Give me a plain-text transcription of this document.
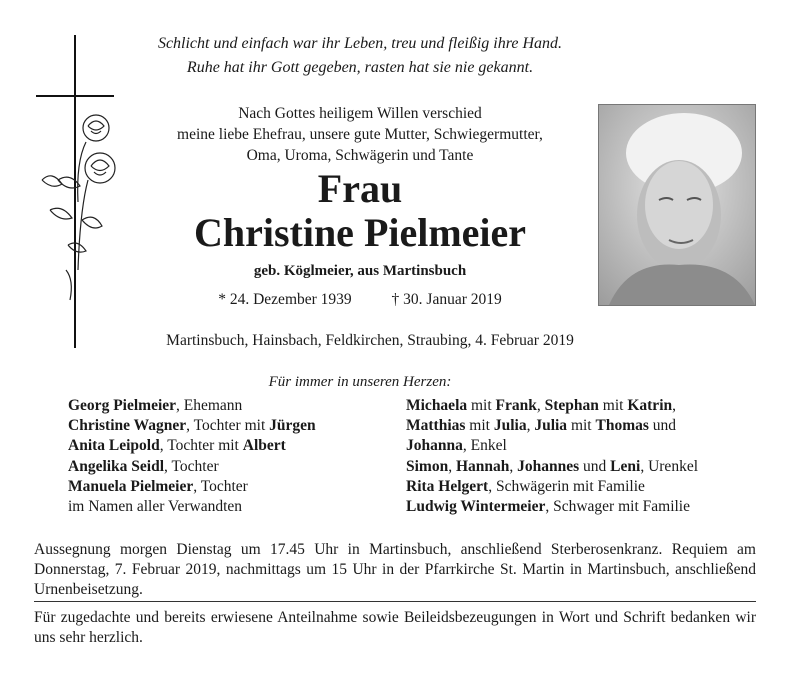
Schlicht und einfach war ihr Leben, treu und fleißig ihre Hand.
Ruhe hat ihr Gott gegeben, rasten hat sie nie gekannt.
Nach Gottes heiligem Willen verschied
meine liebe Ehefrau, unsere gute Mutter, Schwiegermutter,
Oma, Uroma, Schwägerin und Tante
Frau
Christine Pielmeier
geb. Köglmeier, aus Martinsbuch
* 24. Dezember 1939	† 30. Januar 2019
Martinsbuch, Hainsbach, Feldkirchen, Straubing, 4. Februar 2019
Für immer in unseren Herzen:
Georg Pielmeier, Ehemann
Christine Wagner, Tochter mit Jürgen
Anita Leipold, Tochter mit Albert
Angelika Seidl, Tochter
Manuela Pielmeier, Tochter
im Namen aller Verwandten
Michaela mit Frank, Stephan mit Katrin,
Matthias mit Julia, Julia mit Thomas und
Johanna, Enkel
Simon, Hannah, Johannes und Leni, Urenkel
Rita Helgert, Schwägerin mit Familie
Ludwig Wintermeier, Schwager mit Familie
Aussegnung morgen Dienstag um 17.45 Uhr in Martinsbuch, anschließend Sterberosenkranz. Requiem am Donnerstag, 7. Februar 2019, nachmittags um 15 Uhr in der Pfarrkirche St. Martin in Martinsbuch, anschließend Urnenbeisetzung.
Für zugedachte und bereits erwiesene Anteilnahme sowie Beileidsbezeugungen in Wort und Schrift bedanken wir uns sehr herzlich.
